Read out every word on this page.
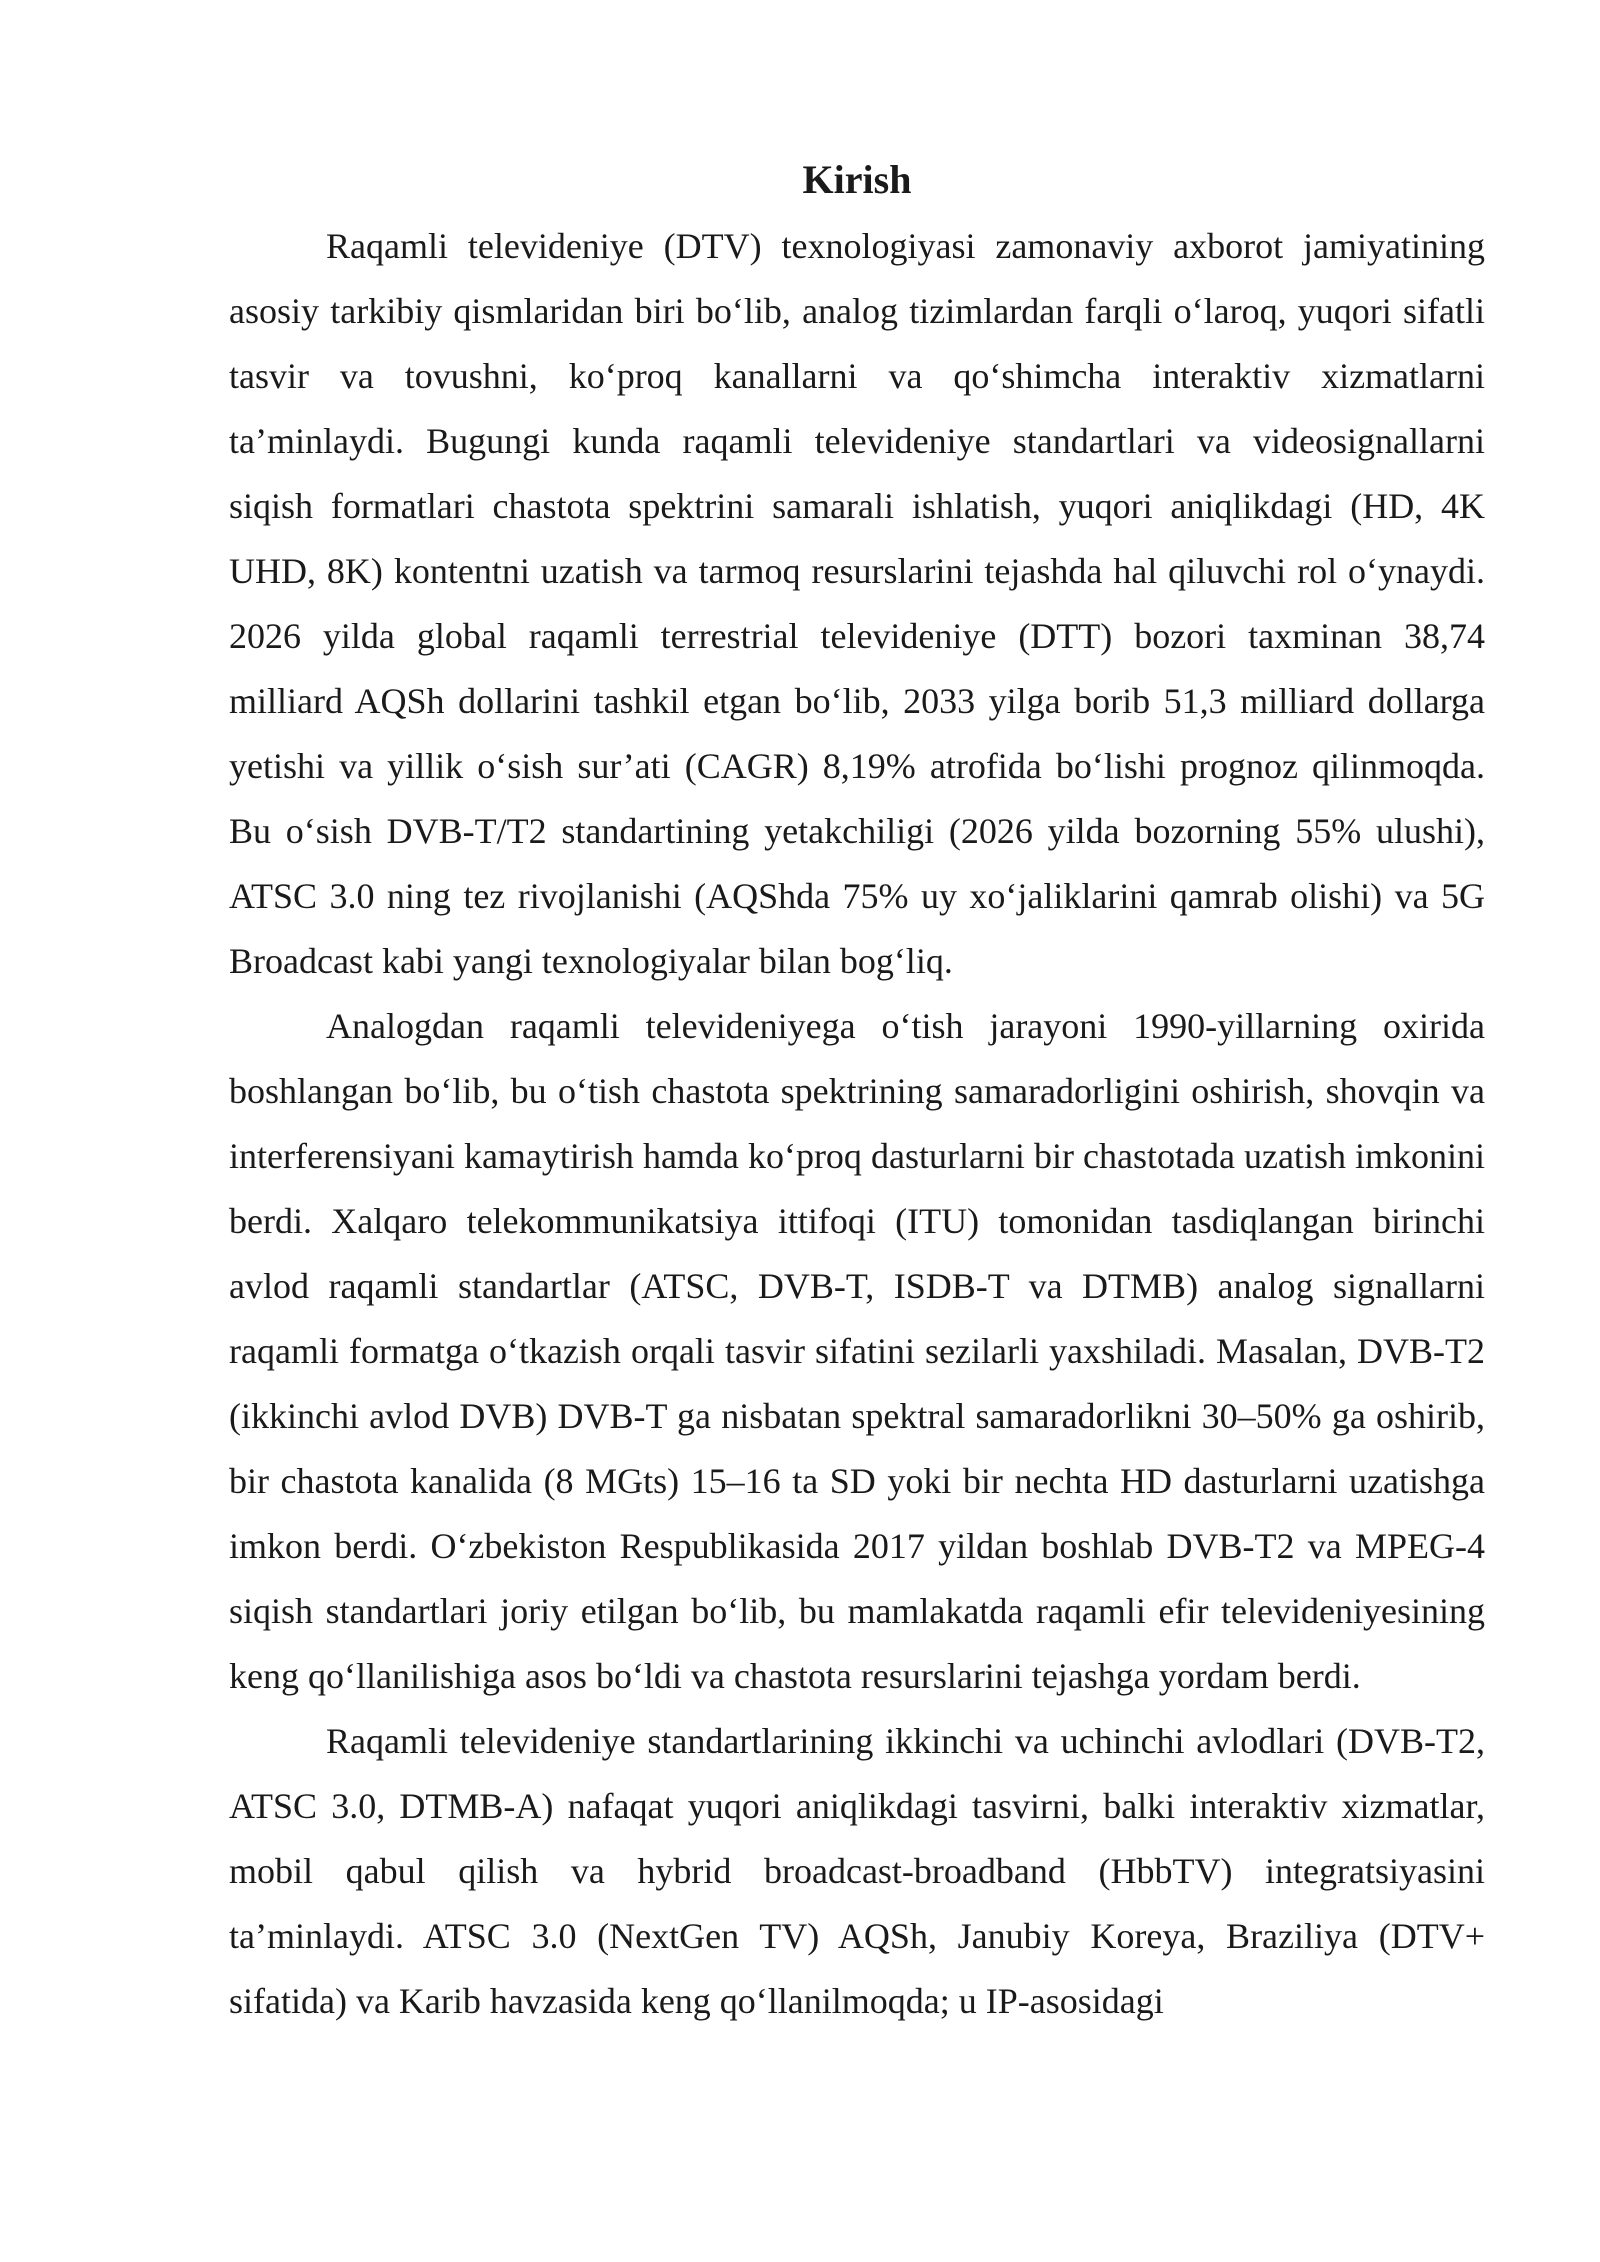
Kirish

Raqamli televideniye (DTV) texnologiyasi zamonaviy axborot jamiyatining asosiy tarkibiy qismlaridan biri bo‘lib, analog tizimlardan farqli o‘laroq, yuqori sifatli tasvir va tovushni, ko‘proq kanallarni va qo‘shimcha interaktiv xizmatlarni ta’minlaydi. Bugungi kunda raqamli televideniye standartlari va videosignallarni siqish formatlari chastota spektrini samarali ishlatish, yuqori aniqlikdagi (HD, 4K UHD, 8K) kontentni uzatish va tarmoq resurslarini tejashda hal qiluvchi rol o‘ynaydi. 2026 yilda global raqamli terrestrial televideniye (DTT) bozori taxminan 38,74 milliard AQSh dollarini tashkil etgan bo‘lib, 2033 yilga borib 51,3 milliard dollarga yetishi va yillik o‘sish sur’ati (CAGR) 8,19% atrofida bo‘lishi prognoz qilinmoqda. Bu o‘sish DVB-T/T2 standartining yetakchiligi (2026 yilda bozorning 55% ulushi), ATSC 3.0 ning tez rivojlanishi (AQShda 75% uy xo‘jaliklarini qamrab olishi) va 5G Broadcast kabi yangi texnologiyalar bilan bog‘liq.

Analogdan raqamli televideniyega o‘tish jarayoni 1990-yillarning oxirida boshlangan bo‘lib, bu o‘tish chastota spektrining samaradorligini oshirish, shovqin va interferensiyani kamaytirish hamda ko‘proq dasturlarni bir chastotada uzatish imkonini berdi. Xalqaro telekommunikatsiya ittifoqi (ITU) tomonidan tasdiqlangan birinchi avlod raqamli standartlar (ATSC, DVB-T, ISDB-T va DTMB) analog signallarni raqamli formatga o‘tkazish orqali tasvir sifatini sezilarli yaxshiladi. Masalan, DVB-T2 (ikkinchi avlod DVB) DVB-T ga nisbatan spektral samaradorlikni 30–50% ga oshirib, bir chastota kanalida (8 MGts) 15–16 ta SD yoki bir nechta HD dasturlarni uzatishga imkon berdi. O‘zbekiston Respublikasida 2017 yildan boshlab DVB-T2 va MPEG-4 siqish standartlari joriy etilgan bo‘lib, bu mamlakatda raqamli efir televideniyesining keng qo‘llanilishiga asos bo‘ldi va chastota resurslarini tejashga yordam berdi.

Raqamli televideniye standartlarining ikkinchi va uchinchi avlodlari (DVB-T2, ATSC 3.0, DTMB-A) nafaqat yuqori aniqlikdagi tasvirni, balki interaktiv xizmatlar, mobil qabul qilish va hybrid broadcast-broadband (HbbTV) integratsiyasini ta’minlaydi. ATSC 3.0 (NextGen TV) AQSh, Janubiy Koreya, Braziliya (DTV+ sifatida) va Karib havzasida keng qo‘llanilmoqda; u IP-asosidagi
